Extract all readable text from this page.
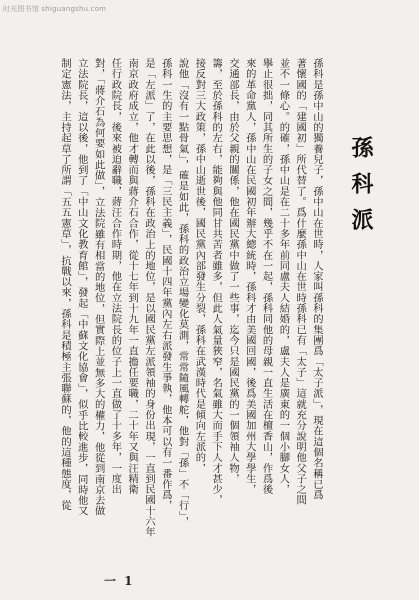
时光图书馆 shiguangshu.com
孫科派
孫科是孫中山的獨養兒子，孫中山在世時，人家叫孫科的集團爲「太子派」，現在這個名稱已爲
著懷國的「建國初」所代替了。爲什麼孫中山在世時孫科已有「太子」這就充分說明他父子之間
並不一條心。的確，孫中山是在二十多年前同盧夫人結婚的，盧夫人是廣東的一個小腳女人，
擧止很拙，同其所生的子女之間，幾乎不在一起，孫科同他的母親一直生活在檀香山，作爲後
來的革命黨人，孫中山在民國初年辦大總統時，孫科才由美國回國，後爲美國加州大學學生，
交通部長，由於父親的關係，他在國民黨中做了一些事，迄今只是國民黨的一個領袖人物，
籌，至於孫科的左右，能夠與他同甘共苦者雖多，但此人氣量狹窄，名氣雖大而手下人才甚少，
接反對三大政策，孫中山逝世後，國民黨內部發生分裂，孫科在武漢時代是傾向左派的，
說他「沒有一點骨氣」，確是如此，孫科的政治立場變化莫測，常常隨風轉舵，他對「孫」不「行」，
孫科一生的主要思想，是「三民主義」，民國十四年黨內左右派發生爭執，他本可以有一番作爲，
是「左派」了，在此以後，孫科在政治上的地位，是以國民黨左派領袖的身份出現，一直到民國十六年
南京政府成立，他才轉而與蔣介石合作，從十七年到十九年一直擔任要職，二十年又與汪精衛
任行政院長，後來被迫辭職，蔣汪合作時期，他在立法院長的位子上一直做了十多年，一度出
對，「蔣介石為何要如此做」，立法院雖有相當的地位，但實際上並無多大的權力，他從到南京去做
立法院長，這以後，他到了「中山文化教育館」，發起「中蘇文化協會」，似乎比較進步，同時他又
制定憲法，主持起草了所謂「五五憲草」，抗戰以來，孫科是積極主張聯蘇的，他的這種態度，從
一 1
